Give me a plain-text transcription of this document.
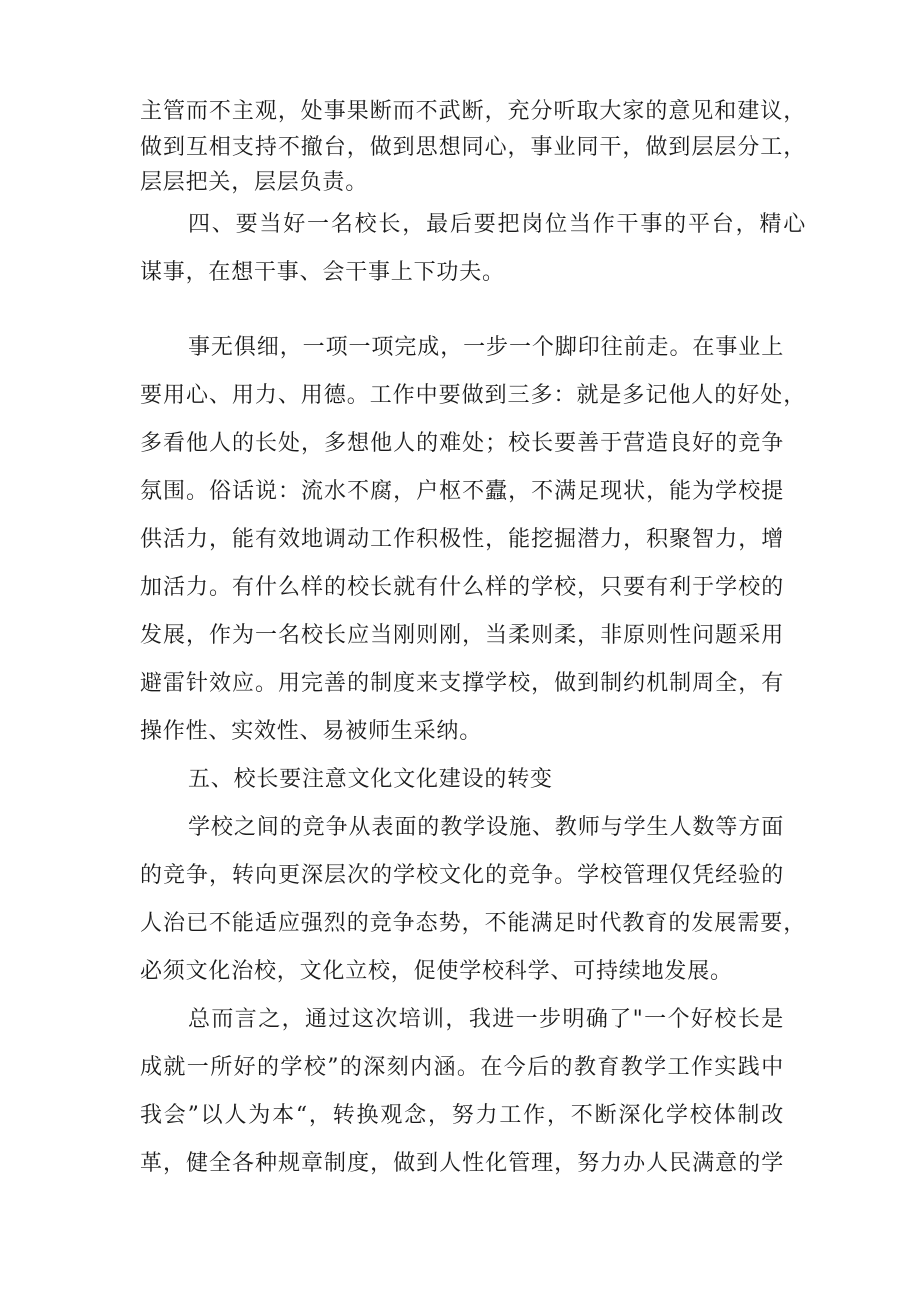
主管而不主观，处事果断而不武断，充分听取大家的意见和建议，
做到互相支持不撤台，做到思想同心，事业同干，做到层层分工，
层层把关，层层负责。
四、要当好一名校长，最后要把岗位当作干事的平台，精心
谋事，在想干事、会干事上下功夫。
事无俱细，一项一项完成，一步一个脚印往前走。在事业上
要用心、用力、用德。工作中要做到三多：就是多记他人的好处，
多看他人的长处，多想他人的难处；校长要善于营造良好的竞争
氛围。俗话说：流水不腐，户枢不蠹，不满足现状，能为学校提
供活力，能有效地调动工作积极性，能挖掘潜力，积聚智力，增
加活力。有什么样的校长就有什么样的学校，只要有利于学校的
发展，作为一名校长应当刚则刚，当柔则柔，非原则性问题采用
避雷针效应。用完善的制度来支撑学校，做到制约机制周全，有
操作性、实效性、易被师生采纳。
五、校长要注意文化文化建设的转变
学校之间的竞争从表面的教学设施、教师与学生人数等方面
的竞争，转向更深层次的学校文化的竞争。学校管理仅凭经验的
人治已不能适应强烈的竞争态势，不能满足时代教育的发展需要，
必须文化治校，文化立校，促使学校科学、可持续地发展。
总而言之，通过这次培训，我进一步明确了"一个好校长是
成就一所好的学校”的深刻内涵。在今后的教育教学工作实践中
我会”以人为本“，转换观念，努力工作，不断深化学校体制改
革，健全各种规章制度，做到人性化管理，努力办人民满意的学
